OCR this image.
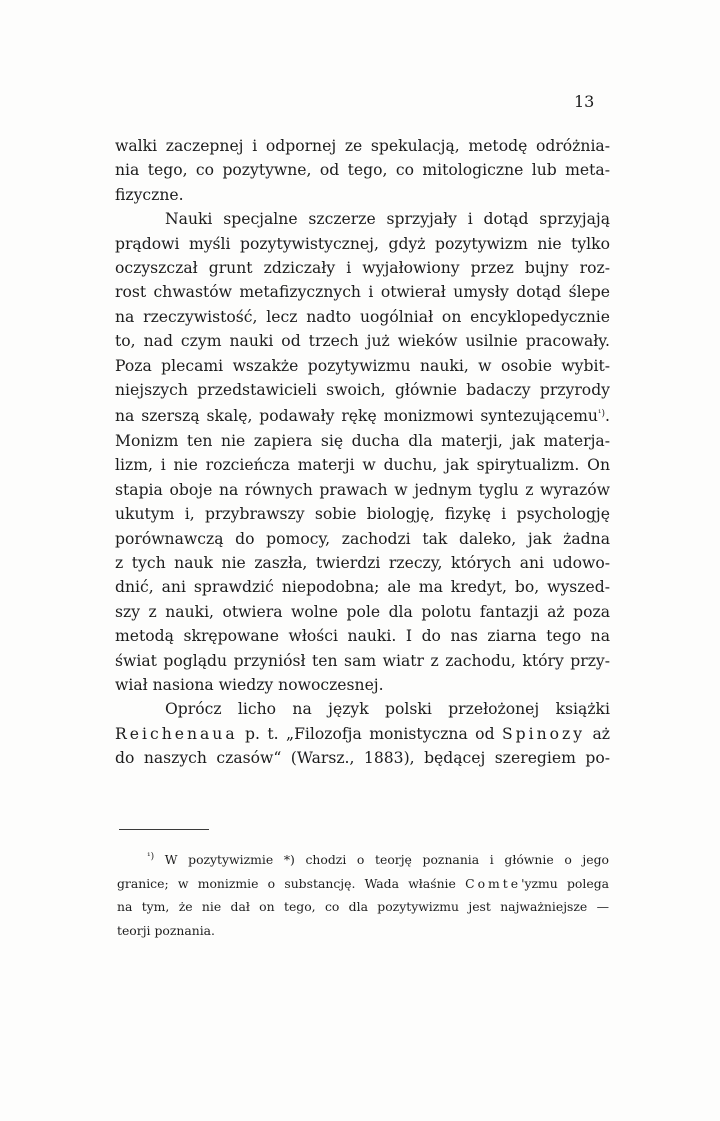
13
walki zaczepnej i odpornej ze spekulacją, metodę odróżnia-
nia tego, co pozytywne, od tego, co mitologiczne lub meta-
fizyczne.
Nauki specjalne szczerze sprzyjały i dotąd sprzyjają
prądowi myśli pozytywistycznej, gdyż pozytywizm nie tylko
oczyszczał grunt zdziczały i wyjałowiony przez bujny roz-
rost chwastów metafizycznych i otwierał umysły dotąd ślepe
na rzeczywistość, lecz nadto uogólniał on encyklopedycznie
to, nad czym nauki od trzech już wieków usilnie pracowały.
Poza plecami wszakże pozytywizmu nauki, w osobie wybit-
niejszych przedstawicieli swoich, głównie badaczy przyrody
na szerszą skalę, podawały rękę monizmowi syntezującemu$^{^1)}$.
Monizm ten nie zapiera się ducha dla materji, jak materja-
lizm, i nie rozcieńcza materji w duchu, jak spirytualizm. On
stapia oboje na równych prawach w jednym tyglu z wyrazów
ukutym i, przybrawszy sobie biologję, fizykę i psychologję
porównawczą do pomocy, zachodzi tak daleko, jak żadna
z tych nauk nie zaszła, twierdzi rzeczy, których ani udowo-
dnić, ani sprawdzić niepodobna; ale ma kredyt, bo, wyszed-
szy z nauki, otwiera wolne pole dla polotu fantazji aż poza
metodą skrępowane włości nauki. I do nas ziarna tego na
świat poglądu przyniósł ten sam wiatr z zachodu, który przy-
wiał nasiona wiedzy nowoczesnej.
Oprócz licho na język polski przełożonej książki
Reichenaua p. t. „Filozofja monistyczna od Spinozy aż
do naszych czasów“ (Warsz., 1883), będącej szeregiem po-
$^{^1)}$ W pozytywizmie *) chodzi o teorję poznania i głównie o jego
granice; w monizmie o substancję. Wada właśnie Comte'yzmu polega
na tym, że nie dał on tego, co dla pozytywizmu jest najważniejsze —
teorji poznania.
